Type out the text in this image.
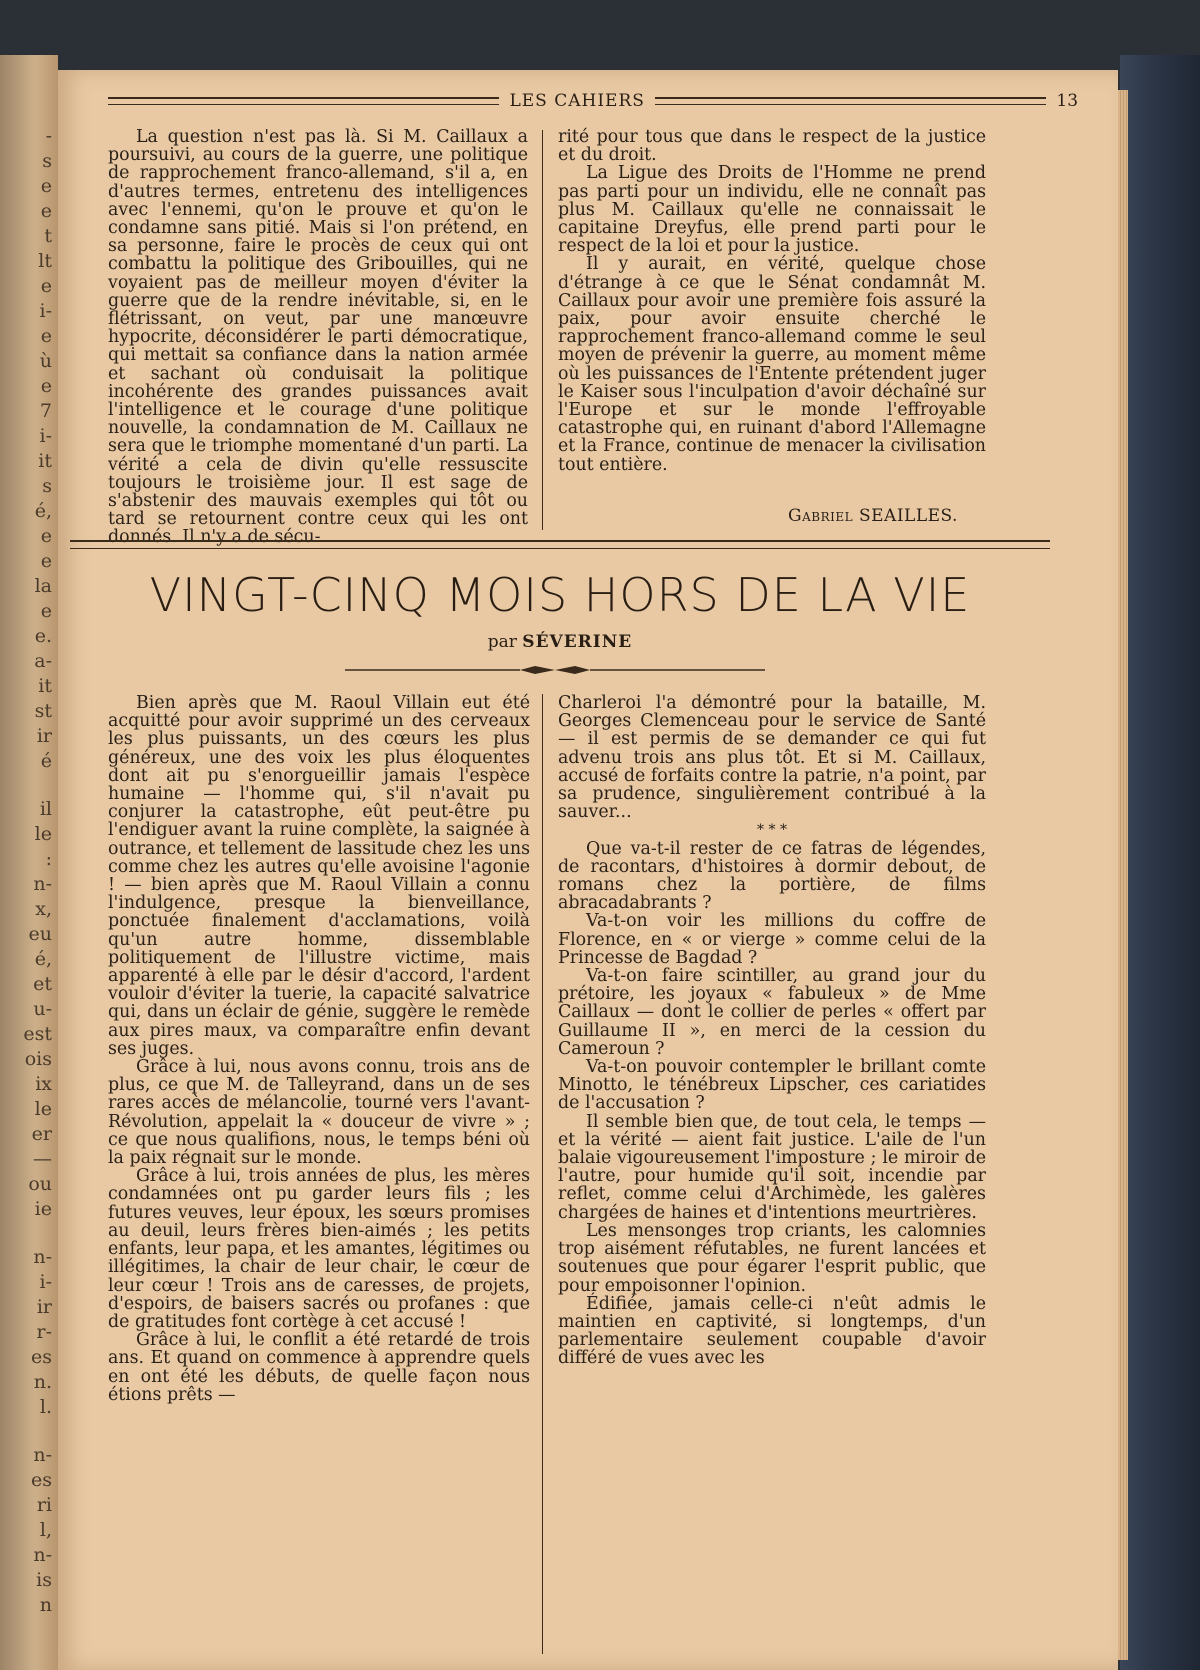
-
s
e
e
t
lt
e
i-
e
ù
e
7
i-
it
s
é,
e
e
la
e
e.
a-
it
st
ir
é
il
le
:
n-
x,
eu
é,
et
u-
est
ois
ix
le
er
—
ou
ie
n-
i-
ir
r-
es
n.
l.
n-
es
ri
l,
n-
is
n
LES CAHIERS	13

La question n'est pas là. Si M. Caillaux a poursuivi, au cours de la guerre, une politique de rapprochement franco-allemand, s'il a, en d'autres termes, entretenu des intelligences avec l'ennemi, qu'on le prouve et qu'on le condamne sans pitié. Mais si l'on prétend, en sa personne, faire le procès de ceux qui ont combattu la politique des Gribouilles, qui ne voyaient pas de meilleur moyen d'éviter la guerre que de la rendre inévitable, si, en le flétrissant, on veut, par une manœuvre hypocrite, déconsidérer le parti démocratique, qui mettait sa confiance dans la nation armée et sachant où conduisait la politique incohérente des grandes puissances avait l'intelligence et le courage d'une politique nouvelle, la condamnation de M. Caillaux ne sera que le triomphe momentané d'un parti. La vérité a cela de divin qu'elle ressuscite toujours le troisième jour. Il est sage de s'abstenir des mauvais exemples qui tôt ou tard se retournent contre ceux qui les ont donnés. Il n'y a de sécu-

rité pour tous que dans le respect de la justice et du droit.

La Ligue des Droits de l'Homme ne prend pas parti pour un individu, elle ne connaît pas plus M. Caillaux qu'elle ne connaissait le capitaine Dreyfus, elle prend parti pour le respect de la loi et pour la justice.

Il y aurait, en vérité, quelque chose d'étrange à ce que le Sénat condamnât M. Caillaux pour avoir une première fois assuré la paix, pour avoir ensuite cherché le rapprochement franco-allemand comme le seul moyen de prévenir la guerre, au moment même où les puissances de l'Entente prétendent juger le Kaiser sous l'inculpation d'avoir déchaîné sur l'Europe et sur le monde l'effroyable catastrophe qui, en ruinant d'abord l'Allemagne et la France, continue de menacer la civilisation tout entière.

Gabriel SEAILLES.
VINGT-CINQ MOIS HORS DE LA VIE
par SÉVERINE

Bien après que M. Raoul Villain eut été acquitté pour avoir supprimé un des cerveaux les plus puissants, un des cœurs les plus généreux, une des voix les plus éloquentes dont ait pu s'enorgueillir jamais l'espèce humaine — l'homme qui, s'il n'avait pu conjurer la catastrophe, eût peut-être pu l'endiguer avant la ruine complète, la saignée à outrance, et tellement de lassitude chez les uns comme chez les autres qu'elle avoisine l'agonie ! — bien après que M. Raoul Villain a connu l'indulgence, presque la bienveillance, ponctuée finalement d'acclamations, voilà qu'un autre homme, dissemblable politiquement de l'illustre victime, mais apparenté à elle par le désir d'accord, l'ardent vouloir d'éviter la tuerie, la capacité salvatrice qui, dans un éclair de génie, suggère le remède aux pires maux, va comparaître enfin devant ses juges.

Grâce à lui, nous avons connu, trois ans de plus, ce que M. de Talleyrand, dans un de ses rares accès de mélancolie, tourné vers l'avant-Révolution, appelait la « douceur de vivre » ; ce que nous qualifions, nous, le temps béni où la paix régnait sur le monde.

Grâce à lui, trois années de plus, les mères condamnées ont pu garder leurs fils ; les futures veuves, leur époux, les sœurs promises au deuil, leurs frères bien-aimés ; les petits enfants, leur papa, et les amantes, légitimes ou illégitimes, la chair de leur chair, le cœur de leur cœur ! Trois ans de caresses, de projets, d'espoirs, de baisers sacrés ou profanes : que de gratitudes font cortège à cet accusé !

Grâce à lui, le conflit a été retardé de trois ans. Et quand on commence à apprendre quels en ont été les débuts, de quelle façon nous étions prêts —

Charleroi l'a démontré pour la bataille, M. Georges Clemenceau pour le service de Santé — il est permis de se demander ce qui fut advenu trois ans plus tôt. Et si M. Caillaux, accusé de forfaits contre la patrie, n'a point, par sa prudence, singulièrement contribué à la sauver...

* * *

Que va-t-il rester de ce fatras de légendes, de racontars, d'histoires à dormir debout, de romans chez la portière, de films abracadabrants ?

Va-t-on voir les millions du coffre de Florence, en « or vierge » comme celui de la Princesse de Bagdad ?

Va-t-on faire scintiller, au grand jour du prétoire, les joyaux « fabuleux » de Mme Caillaux — dont le collier de perles « offert par Guillaume II », en merci de la cession du Cameroun ?

Va-t-on pouvoir contempler le brillant comte Minotto, le ténébreux Lipscher, ces cariatides de l'accusation ?

Il semble bien que, de tout cela, le temps — et la vérité — aient fait justice. L'aile de l'un balaie vigoureusement l'imposture ; le miroir de l'autre, pour humide qu'il soit, incendie par reflet, comme celui d'Archimède, les galères chargées de haines et d'intentions meurtrières.

Les mensonges trop criants, les calomnies trop aisément réfutables, ne furent lancées et soutenues que pour égarer l'esprit public, que pour empoisonner l'opinion.

Édifiée, jamais celle-ci n'eût admis le maintien en captivité, si longtemps, d'un parlementaire seulement coupable d'avoir différé de vues avec les
